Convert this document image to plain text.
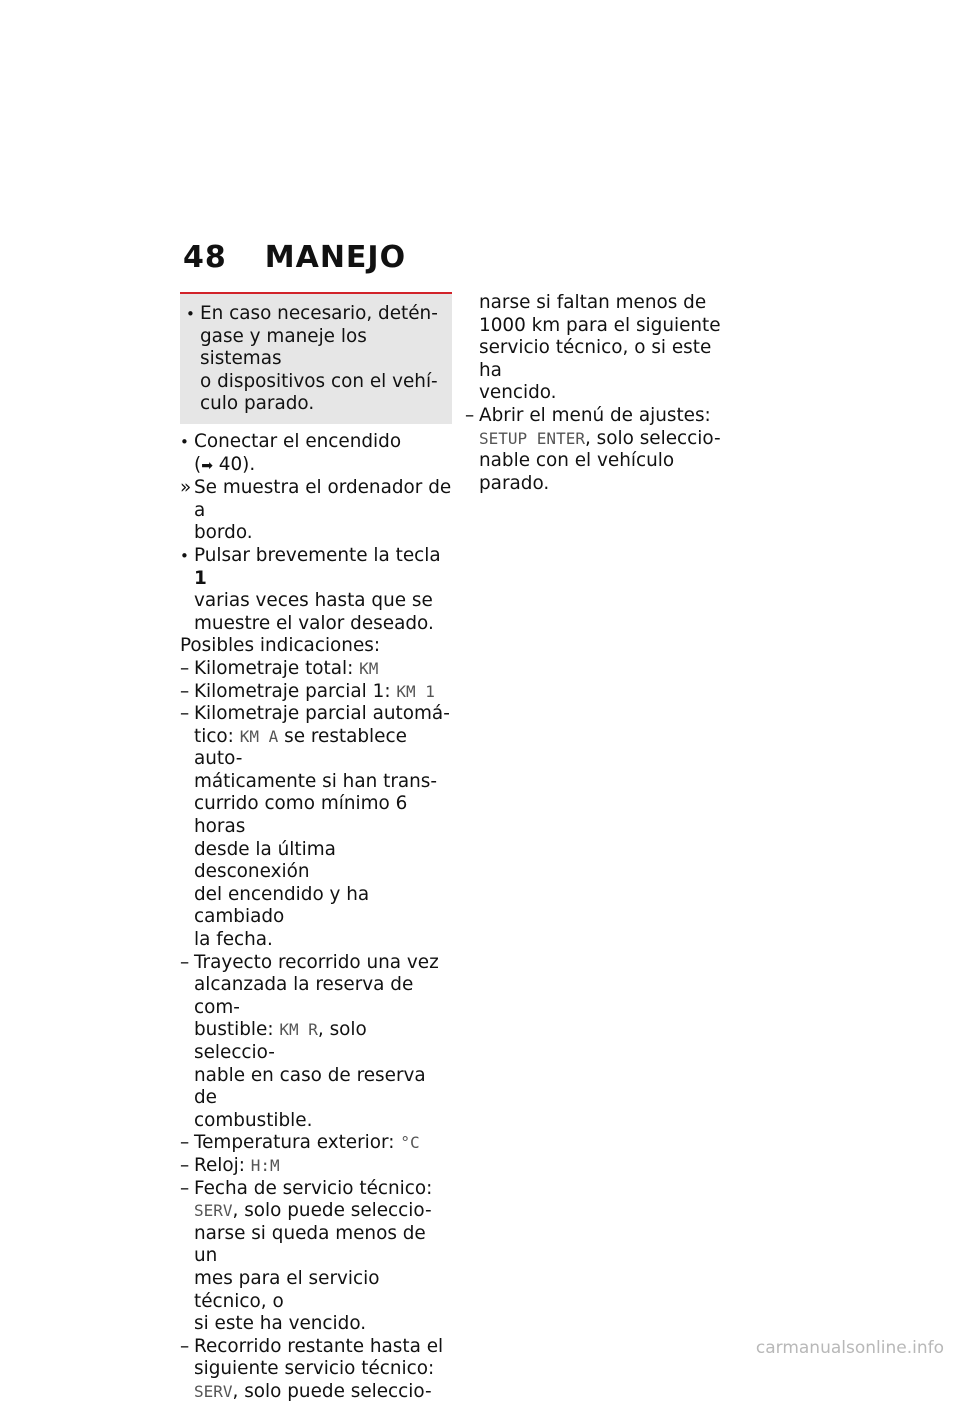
48 MANEJO
• En caso necesario, detén-
gase y maneje los sistemas
o dispositivos con el vehí-
culo parado.
• Conectar el encendido
(➡ 40).
» Se muestra el ordenador de a
bordo.
• Pulsar brevemente la tecla 1
varias veces hasta que se
muestre el valor deseado.
Posibles indicaciones:
– Kilometraje total: KM
– Kilometraje parcial 1: KM 1
– Kilometraje parcial automá-
tico: KM A se restablece auto-
máticamente si han trans-
currido como mínimo 6 horas
desde la última desconexión
del encendido y ha cambiado
la fecha.
– Trayecto recorrido una vez
alcanzada la reserva de com-
bustible: KM R, solo seleccio-
nable en caso de reserva de
combustible.
– Temperatura exterior: °C
– Reloj: H:M
– Fecha de servicio técnico:
SERV, solo puede seleccio-
narse si queda menos de un
mes para el servicio técnico, o
si este ha vencido.
– Recorrido restante hasta el
siguiente servicio técnico:
SERV, solo puede seleccio-
narse si faltan menos de
1000 km para el siguiente
servicio técnico, o si este ha
vencido.
– Abrir el menú de ajustes:
SETUP ENTER, solo seleccio-
nable con el vehículo parado.
carmanualsonline.info
